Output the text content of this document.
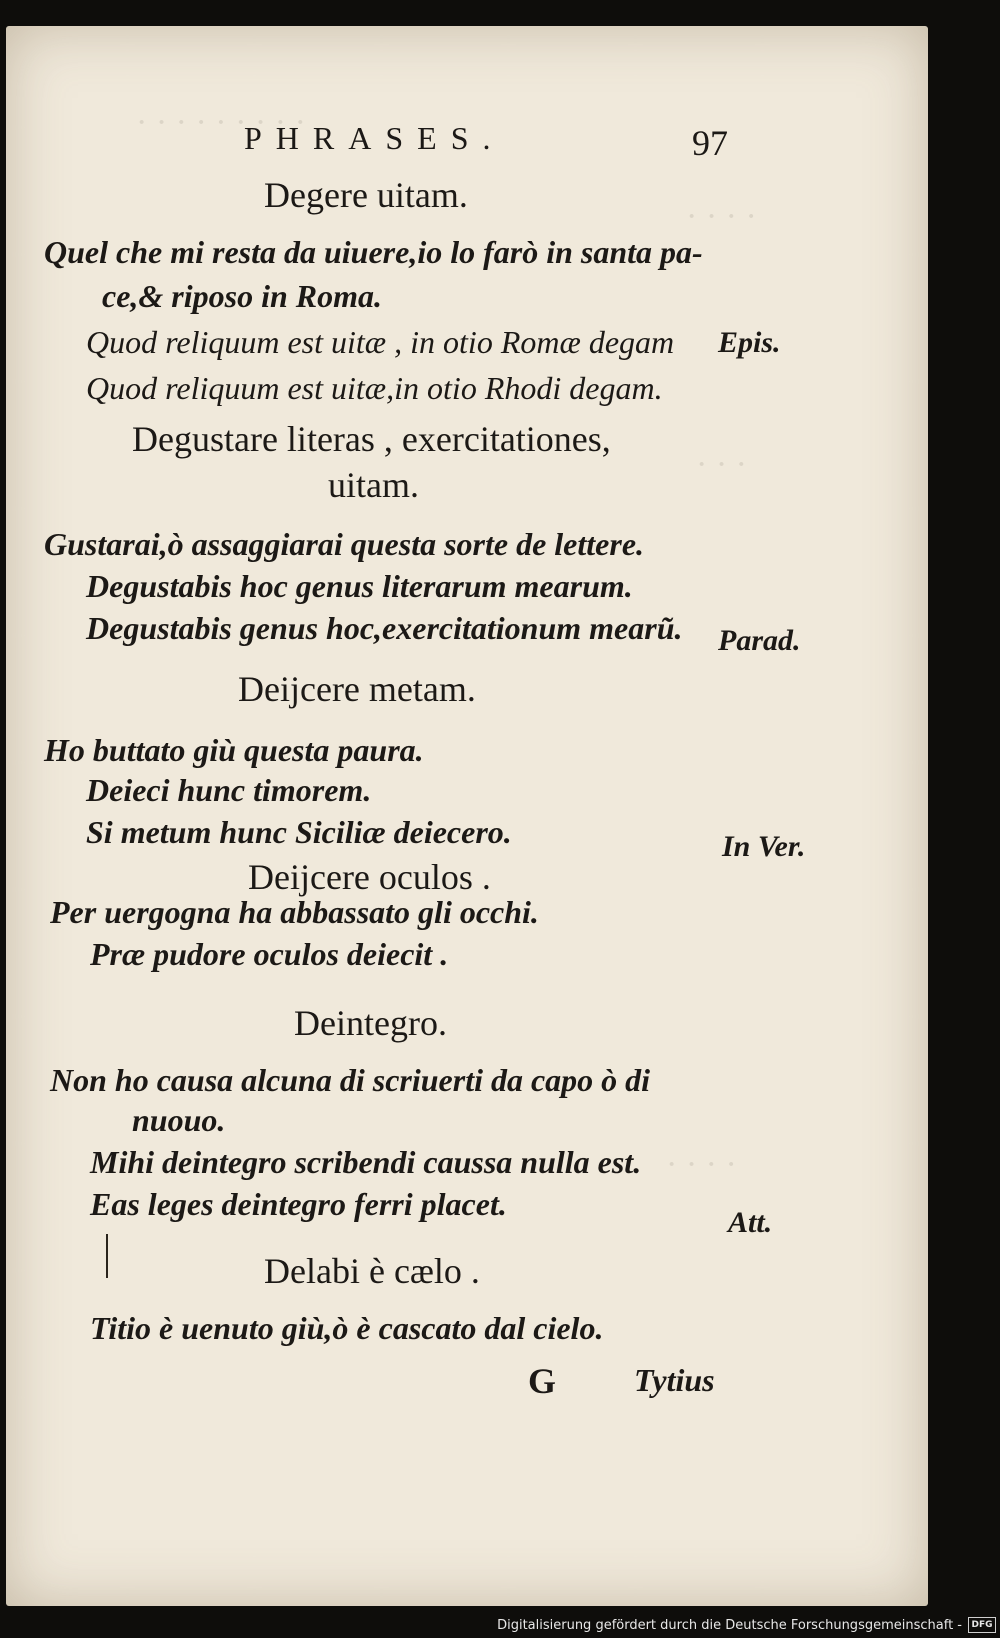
· · · · · · · · ·
· · · ·
· · ·
· · · ·
PHRASES.	97
Degere uitam.
Quel che mi resta da uiuere,io lo farò in santa pa-
ce,& riposo in Roma.
Quod reliquum est uitæ , in otio Romæ degam
Quod reliquum est uitæ,in otio Rhodi degam.
Epis.
Degustare literas , exercitationes,
uitam.
Gustarai,ò assaggiarai questa sorte de lettere.
Degustabis hoc genus literarum mearum.
Degustabis genus hoc,exercitationum mearũ. Parad.
Deijcere metam.
Ho buttato giù questa paura.
Deieci hunc timorem.
Si metum hunc Siciliæ deiecero.	In Ver.
Deijcere oculos .
Per uergogna ha abbassato gli occhi.
Præ pudore oculos deiecit .
Deintegro.
Non ho causa alcuna di scriuerti da capo ò di
nuouo.
Mihi deintegro scribendi caussa nulla est.
Eas leges deintegro ferri placet.
Att.
Delabi è cælo .
Titio è uenuto giù,ò è cascato dal cielo.
G Tytius
Digitalisierung gefördert durch die Deutsche Forschungsgemeinschaft -	DFG
